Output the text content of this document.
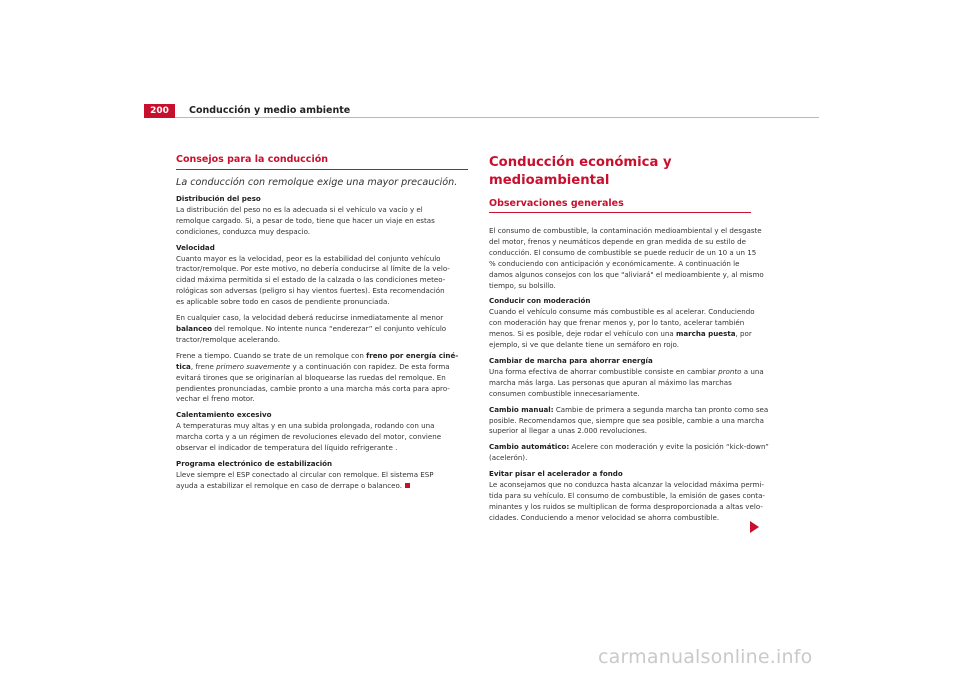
200	Conducción y medio ambiente
Consejos para la conducción
La conducción con remolque exige una mayor precaución.
Distribución del peso
La distribución del peso no es la adecuada si el vehículo va vacío y el
remolque cargado. Si, a pesar de todo, tiene que hacer un viaje en estas
condiciones, conduzca muy despacio.
Velocidad
Cuanto mayor es la velocidad, peor es la estabilidad del conjunto vehículo
tractor/remolque. Por este motivo, no debería conducirse al límite de la velo-
cidad máxima permitida si el estado de la calzada o las condiciones meteo-
rológicas son adversas (peligro si hay vientos fuertes). Esta recomendación
es aplicable sobre todo en casos de pendiente pronunciada.
En cualquier caso, la velocidad deberá reducirse inmediatamente al menor
balanceo del remolque. No intente nunca “enderezar” el conjunto vehículo
tractor/remolque acelerando.
Frene a tiempo. Cuando se trate de un remolque con freno por energía ciné-
tica, frene primero suavemente y a continuación con rapidez. De esta forma
evitará tirones que se originarían al bloquearse las ruedas del remolque. En
pendientes pronunciadas, cambie pronto a una marcha más corta para apro-
vechar el freno motor.
Calentamiento excesivo
A temperaturas muy altas y en una subida prolongada, rodando con una
marcha corta y a un régimen de revoluciones elevado del motor, conviene
observar el indicador de temperatura del líquido refrigerante .
Programa electrónico de estabilización
Lleve siempre el ESP conectado al circular con remolque. El sistema ESP
ayuda a estabilizar el remolque en caso de derrape o balanceo.
Conducción económica y medioambiental
Observaciones generales
El consumo de combustible, la contaminación medioambiental y el desgaste
del motor, frenos y neumáticos depende en gran medida de su estilo de
conducción. El consumo de combustible se puede reducir de un 10 a un 15
% conduciendo con anticipación y económicamente. A continuación le
damos algunos consejos con los que "aliviará" el medioambiente y, al mismo
tiempo, su bolsillo.
Conducir con moderación
Cuando el vehículo consume más combustible es al acelerar. Conduciendo
con moderación hay que frenar menos y, por lo tanto, acelerar también
menos. Si es posible, deje rodar el vehículo con una marcha puesta, por
ejemplo, si ve que delante tiene un semáforo en rojo.
Cambiar de marcha para ahorrar energía
Una forma efectiva de ahorrar combustible consiste en cambiar pronto a una
marcha más larga. Las personas que apuran al máximo las marchas
consumen combustible innecesariamente.
Cambio manual: Cambie de primera a segunda marcha tan pronto como sea
posible. Recomendamos que, siempre que sea posible, cambie a una marcha
superior al llegar a unas 2.000 revoluciones.
Cambio automático: Acelere con moderación y evite la posición “kick-down”
(acelerón).
Evitar pisar el acelerador a fondo
Le aconsejamos que no conduzca hasta alcanzar la velocidad máxima permi-
tida para su vehículo. El consumo de combustible, la emisión de gases conta-
minantes y los ruidos se multiplican de forma desproporcionada a altas velo-
cidades. Conduciendo a menor velocidad se ahorra combustible.
carmanualsonline.info
